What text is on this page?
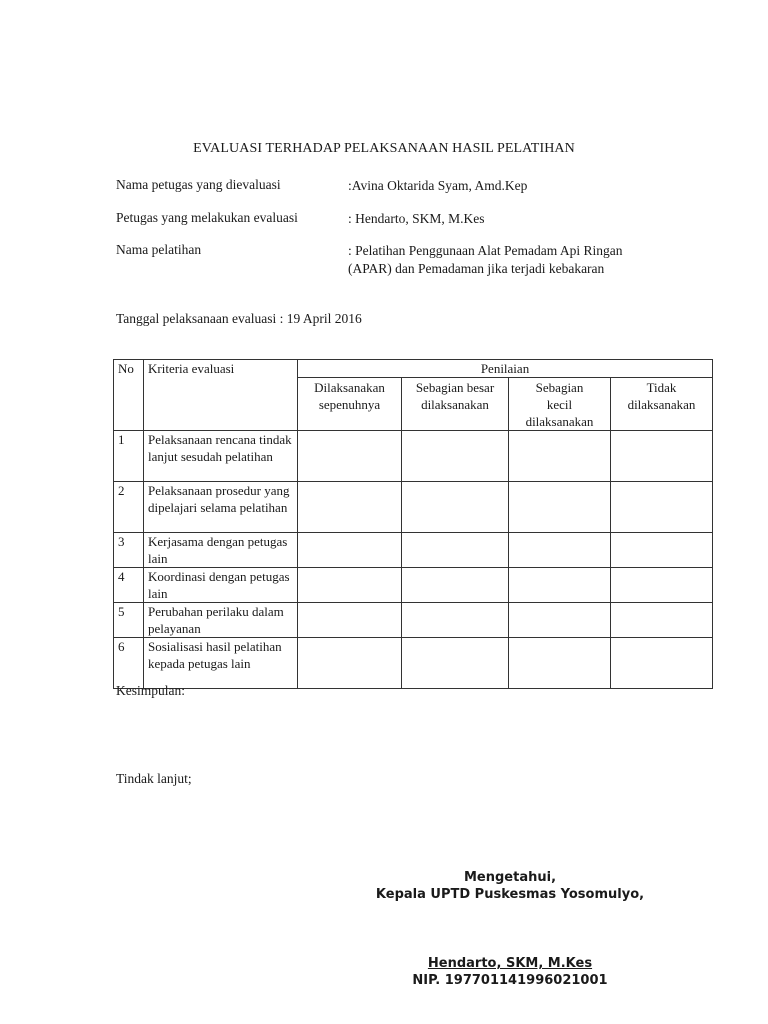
EVALUASI TERHADAP PELAKSANAAN HASIL PELATIHAN
Nama petugas yang dievaluasi	:Avina Oktarida Syam, Amd.Kep
Petugas yang melakukan evaluasi	: Hendarto, SKM, M.Kes
Nama pelatihan	: Pelatihan Penggunaan Alat Pemadam Api Ringan (APAR) dan Pemadaman jika terjadi kebakaran
Tanggal pelaksanaan evaluasi : 19 April 2016
No	Kriteria evaluasi	Penilaian			
		Dilaksanakan sepenuhnya	Sebagian besar dilaksanakan	Sebagian kecil dilaksanakan	Tidak dilaksanakan
1	Pelaksanaan rencana tindak lanjut sesudah pelatihan				
2	Pelaksanaan prosedur yang dipelajari selama pelatihan				
3	Kerjasama dengan petugas lain				
4	Koordinasi dengan petugas lain				
5	Perubahan perilaku dalam pelayanan				
6	Sosialisasi hasil pelatihan kepada petugas lain				
Kesimpulan:
Tindak lanjut;
Mengetahui,
Kepala UPTD Puskesmas Yosomulyo,
Hendarto, SKM, M.Kes
NIP. 197701141996021001
